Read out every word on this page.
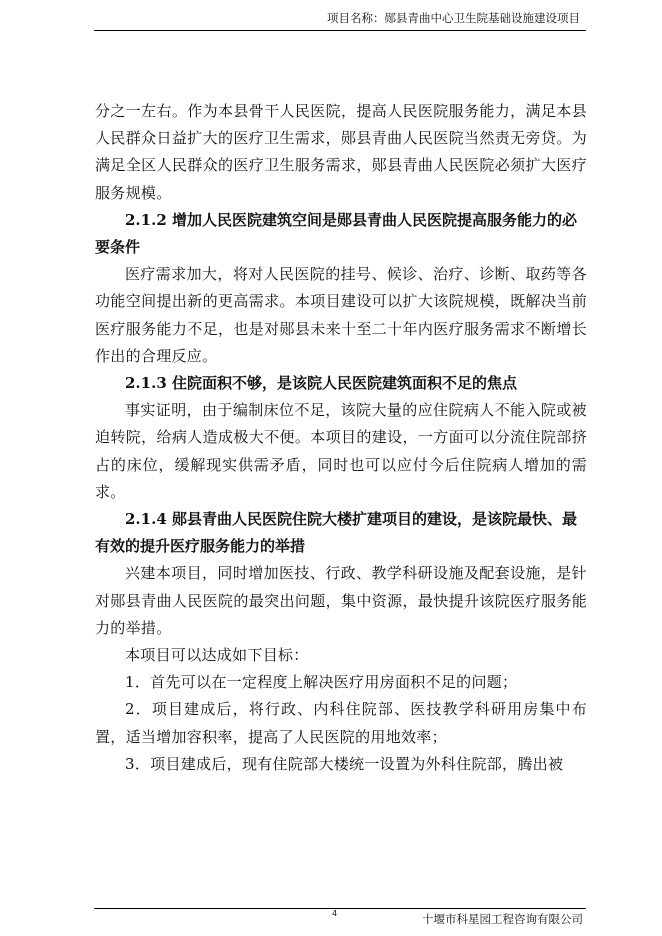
项目名称：郧县青曲中心卫生院基础设施建设项目

分之一左右。作为本县骨干人民医院，提高人民医院服务能力，满足本县人民群众日益扩大的医疗卫生需求，郧县青曲人民医院当然责无旁贷。为满足全区人民群众的医疗卫生服务需求，郧县青曲人民医院必须扩大医疗服务规模。

2.1.2 增加人民医院建筑空间是郧县青曲人民医院提高服务能力的必要条件

医疗需求加大，将对人民医院的挂号、候诊、治疗、诊断、取药等各功能空间提出新的更高需求。本项目建设可以扩大该院规模，既解决当前医疗服务能力不足，也是对郧县未来十至二十年内医疗服务需求不断增长作出的合理反应。

2.1.3 住院面积不够，是该院人民医院建筑面积不足的焦点

事实证明，由于编制床位不足，该院大量的应住院病人不能入院或被迫转院，给病人造成极大不便。本项目的建设，一方面可以分流住院部挤占的床位，缓解现实供需矛盾，同时也可以应付今后住院病人增加的需求。

2.1.4 郧县青曲人民医院住院大楼扩建项目的建设，是该院最快、最有效的提升医疗服务能力的举措

兴建本项目，同时增加医技、行政、教学科研设施及配套设施，是针对郧县青曲人民医院的最突出问题，集中资源，最快提升该院医疗服务能力的举措。

本项目可以达成如下目标：

1．首先可以在一定程度上解决医疗用房面积不足的问题；

2．项目建成后，将行政、内科住院部、医技教学科研用房集中布置，适当增加容积率，提高了人民医院的用地效率；

3．项目建成后，现有住院部大楼统一设置为外科住院部，腾出被

4	十堰市科星园工程咨询有限公司
